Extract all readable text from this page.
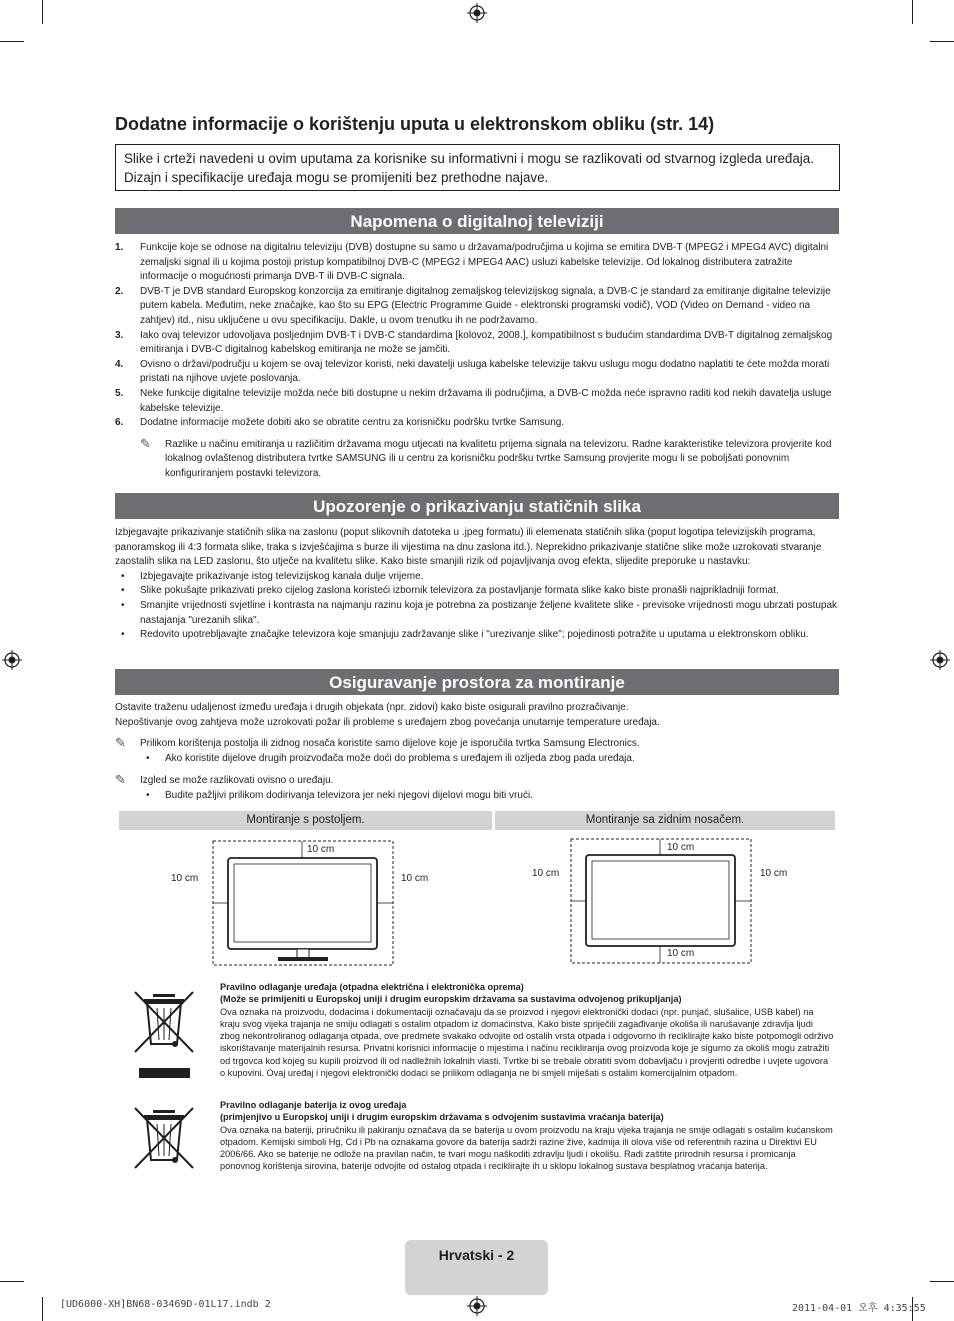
Dodatne informacije o korištenju uputa u elektronskom obliku (str. 14)
Slike i crteži navedeni u ovim uputama za korisnike su informativni i mogu se razlikovati od stvarnog izgleda uređaja. Dizajn i specifikacije uređaja mogu se promijeniti bez prethodne najave.
Napomena o digitalnoj televiziji
1. Funkcije koje se odnose na digitalnu televiziju (DVB) dostupne su samo u državama/područjima u kojima se emitira DVB-T (MPEG2 i MPEG4 AVC) digitalni zemaljski signal ili u kojima postoji pristup kompatibilnoj DVB-C (MPEG2 i MPEG4 AAC) usluzi kabelske televizije. Od lokalnog distributera zatražite informacije o mogućnosti primanja DVB-T ili DVB-C signala.
2. DVB-T je DVB standard Europskog konzorcija za emitiranje digitalnog zemaljskog televizijskog signala, a DVB-C je standard za emitiranje digitalne televizije putem kabela. Međutim, neke značajke, kao što su EPG (Electric Programme Guide - elektronski programski vodič), VOD (Video on Demand - video na zahtjev) itd., nisu uključene u ovu specifikaciju. Dakle, u ovom trenutku ih ne podržavamo.
3. Iako ovaj televizor udovoljava posljednjim DVB-T i DVB-C standardima [kolovoz, 2008.], kompatibilnost s budućim standardima DVB-T digitalnog zemaljskog emitiranja i DVB-C digitalnog kabelskog emitiranja ne može se jamčiti.
4. Ovisno o državi/području u kojem se ovaj televizor koristi, neki davatelji usluga kabelske televizije takvu uslugu mogu dodatno naplatiti te ćete možda morati pristati na njihove uvjete poslovanja.
5. Neke funkcije digitalne televizije možda neće biti dostupne u nekim državama ili područjima, a DVB-C možda neće ispravno raditi kod nekih davatelja usluge kabelske televizije.
6. Dodatne informacije možete dobiti ako se obratite centru za korisničku podršku tvrtke Samsung.
✎ Razlike u načinu emitiranja u različitim državama mogu utjecati na kvalitetu prijema signala na televizoru. Radne karakteristike televizora provjerite kod lokalnog ovlaštenog distributera tvrtke SAMSUNG ili u centru za korisničku podršku tvrtke Samsung provjerite mogu li se poboljšati ponovnim konfiguriranjem postavki televizora.
Upozorenje o prikazivanju statičnih slika
Izbjegavajte prikazivanje statičnih slika na zaslonu (poput slikovnih datoteka u .jpeg formatu) ili elemenata statičnih slika (poput logotipa televizijskih programa, panoramskog ili 4:3 formata slike, traka s izvješćajima s burze ili vijestima na dnu zaslona itd.). Neprekidno prikazivanje statične slike može uzrokovati stvaranje zaostalih slika na LED zaslonu, što utječe na kvalitetu slike. Kako biste smanjili rizik od pojavljivanja ovog efekta, slijedite preporuke u nastavku:
• Izbjegavajte prikazivanje istog televizijskog kanala dulje vrijeme.
• Slike pokušajte prikazivati preko cijelog zaslona koristeći izbornik televizora za postavljanje formata slike kako biste pronašli najprikladniji format.
• Smanjite vrijednosti svjetline i kontrasta na najmanju razinu koja je potrebna za postizanje željene kvalitete slike - previsoke vrijednosti mogu ubrzati postupak nastajanja "urezanih slika".
• Redovito upotrebljavajte značajke televizora koje smanjuju zadržavanje slike i "urezivanje slike"; pojedinosti potražite u uputama u elektronskom obliku.
Osiguravanje prostora za montiranje
Ostavite traženu udaljenost između uređaja i drugih objekata (npr. zidovi) kako biste osigurali pravilno prozračivanje.
Nepoštivanje ovog zahtjeva može uzrokovati požar ili probleme s uređajem zbog povećanja unutarnje temperature uređaja.
✎ Prilikom korištenja postolja ili zidnog nosača koristite samo dijelove koje je isporučila tvrtka Samsung Electronics.
• Ako koristite dijelove drugih proizvođača može doći do problema s uređajem ili ozljeda zbog pada uređaja.
✎ Izgled se može razlikovati ovisno o uređaju.
• Budite pažljivi prilikom dodirivanja televizora jer neki njegovi dijelovi mogu biti vrući.
Montiranje s postoljem.	Montiranje sa zidnim nosačem.
10 cm
10 cm	10 cm
10 cm
10 cm	10 cm
10 cm
Pravilno odlaganje uređaja (otpadna električna i elektronička oprema)
(Može se primijeniti u Europskoj uniji i drugim europskim državama sa sustavima odvojenog prikupljanja)
Ova oznaka na proizvodu, dodacima i dokumentaciji označavaju da se proizvod i njegovi elektronički dodaci (npr. punjač, slušalice, USB kabel) na kraju svog vijeka trajanja ne smiju odlagati s ostalim otpadom iz domaćinstva. Kako biste spriječili zagađivanje okoliša ili narušavanje zdravlja ljudi zbog nekontroliranog odlaganja otpada, ove predmete svakako odvojite od ostalih vrsta otpada i odgovorno ih reciklirajte kako biste potpomogli održivo iskorištavanje materijalnih resursa. Privatni korisnici informacije o mjestima i načinu recikliranja ovog proizvoda koje je sigurno za okoliš mogu zatražiti od trgovca kod kojeg su kupili proizvod ili od nadležnih lokalnih vlasti. Tvrtke bi se trebale obratiti svom dobavljaču i provjeriti odredbe i uvjete ugovora o kupovini. Ovaj uređaj i njegovi elektronički dodaci se prilikom odlaganja ne bi smjeli miješati s ostalim komercijalnim otpadom.
Pravilno odlaganje baterija iz ovog uređaja
(primjenjivo u Europskoj uniji i drugim europskim državama s odvojenim sustavima vraćanja baterija)
Ova oznaka na bateriji, priručniku ili pakiranju označava da se baterija u ovom proizvodu na kraju vijeka trajanja ne smije odlagati s ostalim kućanskom otpadom. Kemijski simboli Hg, Cd i Pb na oznakama govore da baterija sadrži razine žive, kadmija ili olova više od referentnih razina u Direktivi EU 2006/66. Ako se baterije ne odlože na pravilan način, te tvari mogu naškoditi zdravlju ljudi i okolišu. Radi zaštite prirodnih resursa i promicanja ponovnog korištenja sirovina, baterije odvojite od ostalog otpada i reciklirajte ih u sklopu lokalnog sustava besplatnog vraćanja baterija.
Hrvatski - 2
[UD6000-XH]BN68-03469D-01L17.indb 2	2011-04-01 오후 4:35:55
